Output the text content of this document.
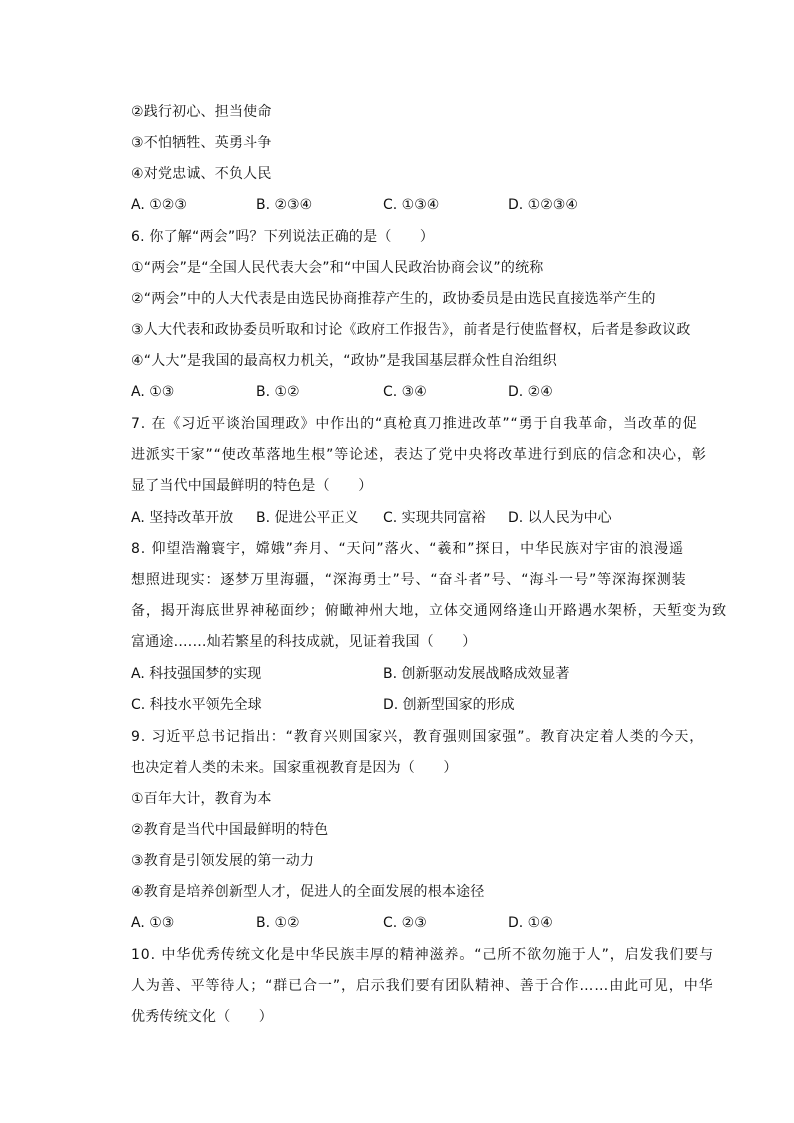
②践行初心、担当使命
③不怕牺牲、英勇斗争
④对党忠诚、不负人民
A. ①②③	B. ②③④	C. ①③④	D. ①②③④
6. 你了解“两会”吗？下列说法正确的是（　　）
①“两会”是“全国人民代表大会”和“中国人民政治协商会议”的统称
②“两会”中的人大代表是由选民协商推荐产生的，政协委员是由选民直接选举产生的
③人大代表和政协委员听取和讨论《政府工作报告》，前者是行使监督权，后者是参政议政
④“人大”是我国的最高权力机关，“政协”是我国基层群众性自治组织
A. ①③	B. ①②	C. ③④	D. ②④
7. 在《习近平谈治国理政》中作出的“真枪真刀推进改革”“勇于自我革命，当改革的促
进派实干家”“使改革落地生根”等论述，表达了党中央将改革进行到底的信念和决心，彰
显了当代中国最鲜明的特色是（　　）
A. 坚持改革开放 B. 促进公平正义 C. 实现共同富裕 D. 以人民为中心
8. 仰望浩瀚寰宇，嫦娥”奔月、“天问”落火、“羲和”探日，中华民族对宇宙的浪漫遥
想照进现实：逐梦万里海疆，“深海勇士”号、“奋斗者”号、“海斗一号”等深海探测装
备，揭开海底世界神秘面纱；俯瞰神州大地，立体交通网络逢山开路遇水架桥，天堑变为致
富通途.……灿若繁星的科技成就，见证着我国（　　）
A. 科技强国梦的实现	B. 创新驱动发展战略成效显著
C. 科技水平领先全球	D. 创新型国家的形成
9. 习近平总书记指出：“教育兴则国家兴，教育强则国家强”。教育决定着人类的今天，
也决定着人类的未来。国家重视教育是因为（　　）
①百年大计，教育为本
②教育是当代中国最鲜明的特色
③教育是引领发展的第一动力
④教育是培养创新型人才，促进人的全面发展的根本途径
A. ①③	B. ①②	C. ②③	D. ①④
10. 中华优秀传统文化是中华民族丰厚的精神滋养。“己所不欲勿施于人”，启发我们要与
人为善、平等待人；“群已合一”，启示我们要有团队精神、善于合作……由此可见，中华
优秀传统文化（　　）
